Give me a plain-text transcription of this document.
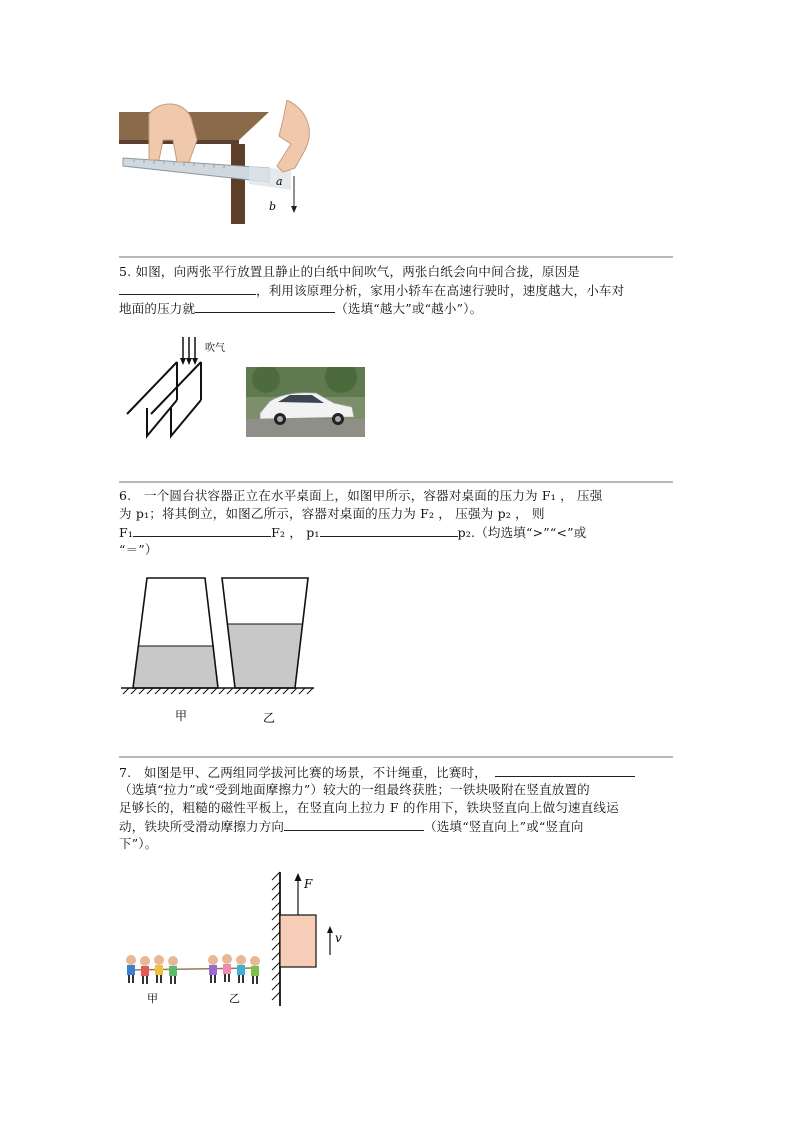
a
b
5. 如图，向两张平行放置且静止的白纸中间吹气，两张白纸会向中间合拢，原因是
，利用该原理分析，家用小轿车在高速行驶时，速度越大，小车对
地面的压力就	（选填“越大”或“越小”）。
吹气
6.　一个圆台状容器正立在水平桌面上，如图甲所示，容器对桌面的压力为 F₁ ， 压强
为 p₁；将其倒立，如图乙所示，容器对桌面的压力为 F₂ ， 压强为 p₂ ， 则
F₁	F₂ ， p₁	p₂.（均选填“>”“<”或
“＝”）
甲	乙
7.　如图是甲、乙两组同学拔河比赛的场景，不计绳重，比赛时，
（选填“拉力”或“受到地面摩擦力”）较大的一组最终获胜；一铁块吸附在竖直放置的
足够长的，粗糙的磁性平板上，在竖直向上拉力 F 的作用下，铁块竖直向上做匀速直线运
动，铁块所受滑动摩擦力方向	（选填“竖直向上”或“竖直向
下”）。
甲	乙
F
v
